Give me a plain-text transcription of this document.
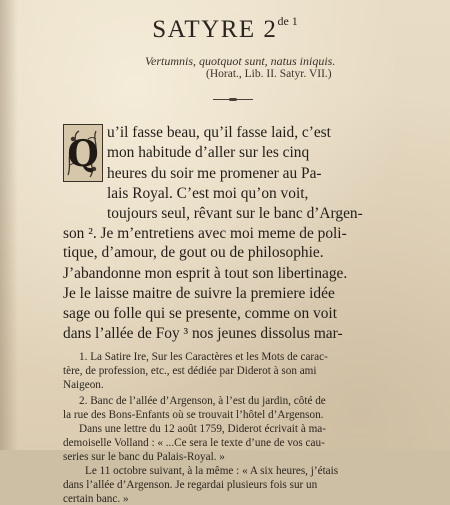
SATYRE $2^{de 1}$
Vertumnis, quotquot sunt, natus iniquis.
(Horat., Lib. II. Satyr. VII.)
Q
u’il fasse beau, qu’il fasse laid, c’est
mon habitude d’aller sur les cinq
heures du soir me promener au Pa-
lais Royal. C’est moi qu’on voit,
toujours seul, rêvant sur le banc d’Argen-
son ². Je m’entretiens avec moi meme de poli-
tique, d’amour, de gout ou de philosophie.
J’abandonne mon esprit à tout son libertinage.
Je le laisse maitre de suivre la premiere idée
sage ou folle qui se presente, comme on voit
dans l’allée de Foy ³ nos jeunes dissolus mar-
1. La Satire Ire, Sur les Caractères et les Mots de carac-
tère, de profession, etc., est dédiée par Diderot à son ami
Naigeon.
2. Banc de l’allée d’Argenson, à l’est du jardin, côté de
la rue des Bons-Enfants où se trouvait l’hôtel d’Argenson.
Dans une lettre du 12 août 1759, Diderot écrivait à ma-
demoiselle Volland : « ...Ce sera le texte d’une de vos cau-
series sur le banc du Palais-Royal. »
Le 11 octobre suivant, à la même : « A six heures, j’étais
dans l’allée d’Argenson. Je regardai plusieurs fois sur un
certain banc. »
